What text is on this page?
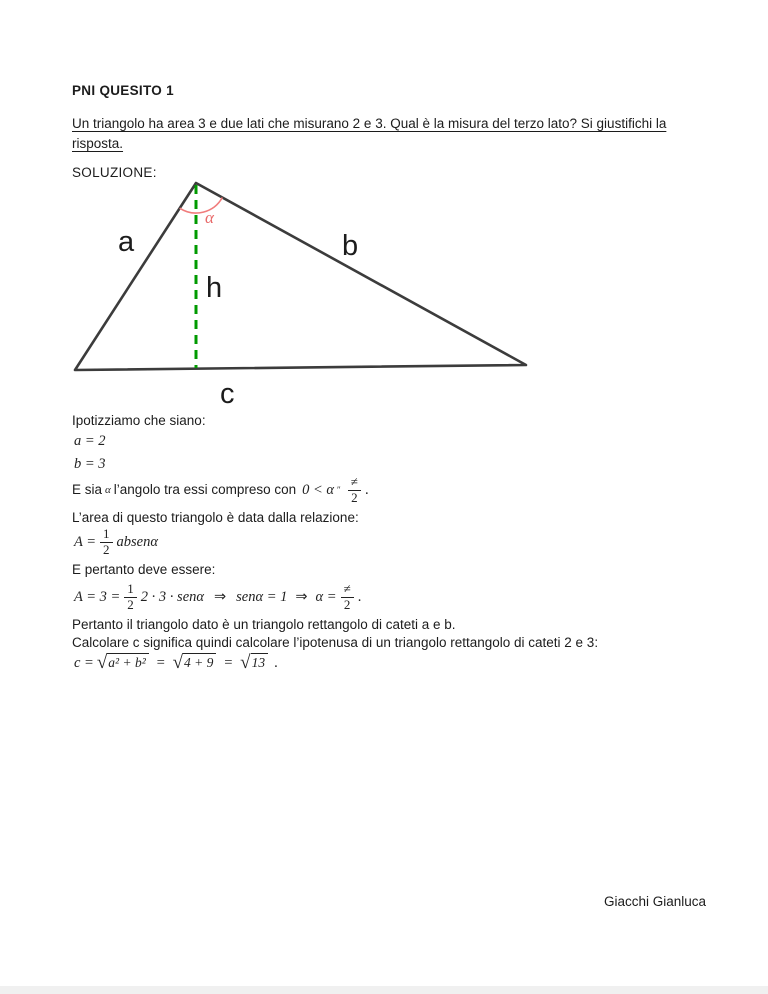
PNI QUESITO 1
Un triangolo ha area 3 e due lati che misurano 2 e 3. Qual è la misura del terzo lato? Si giustifichi la
risposta.
SOLUZIONE:
a	b
h
c
α
Ipotizziamo che siano:
a = 2
b = 3
E sia α l’angolo tra essi compreso con 0 < α ″ $\frac{\ne}{2}$ .
L’area di questo triangolo è data dalla relazione:
$A = \frac{1}{2}$ absenα
E pertanto deve essere:
$A = 3 = \frac{1}{2} 2 \cdot 3 \cdot sen\alpha$ ⇒ senα = 1 ⇒ $\alpha = \frac{\ne}{2}$ .
Pertanto il triangolo dato è un triangolo rettangolo di cateti a e b.
Calcolare c significa quindi calcolare l’ipotenusa di un triangolo rettangolo di cateti 2 e 3:
c = √ a² + b² = √ 4 + 9 = √ 13 .
Giacchi Gianluca
